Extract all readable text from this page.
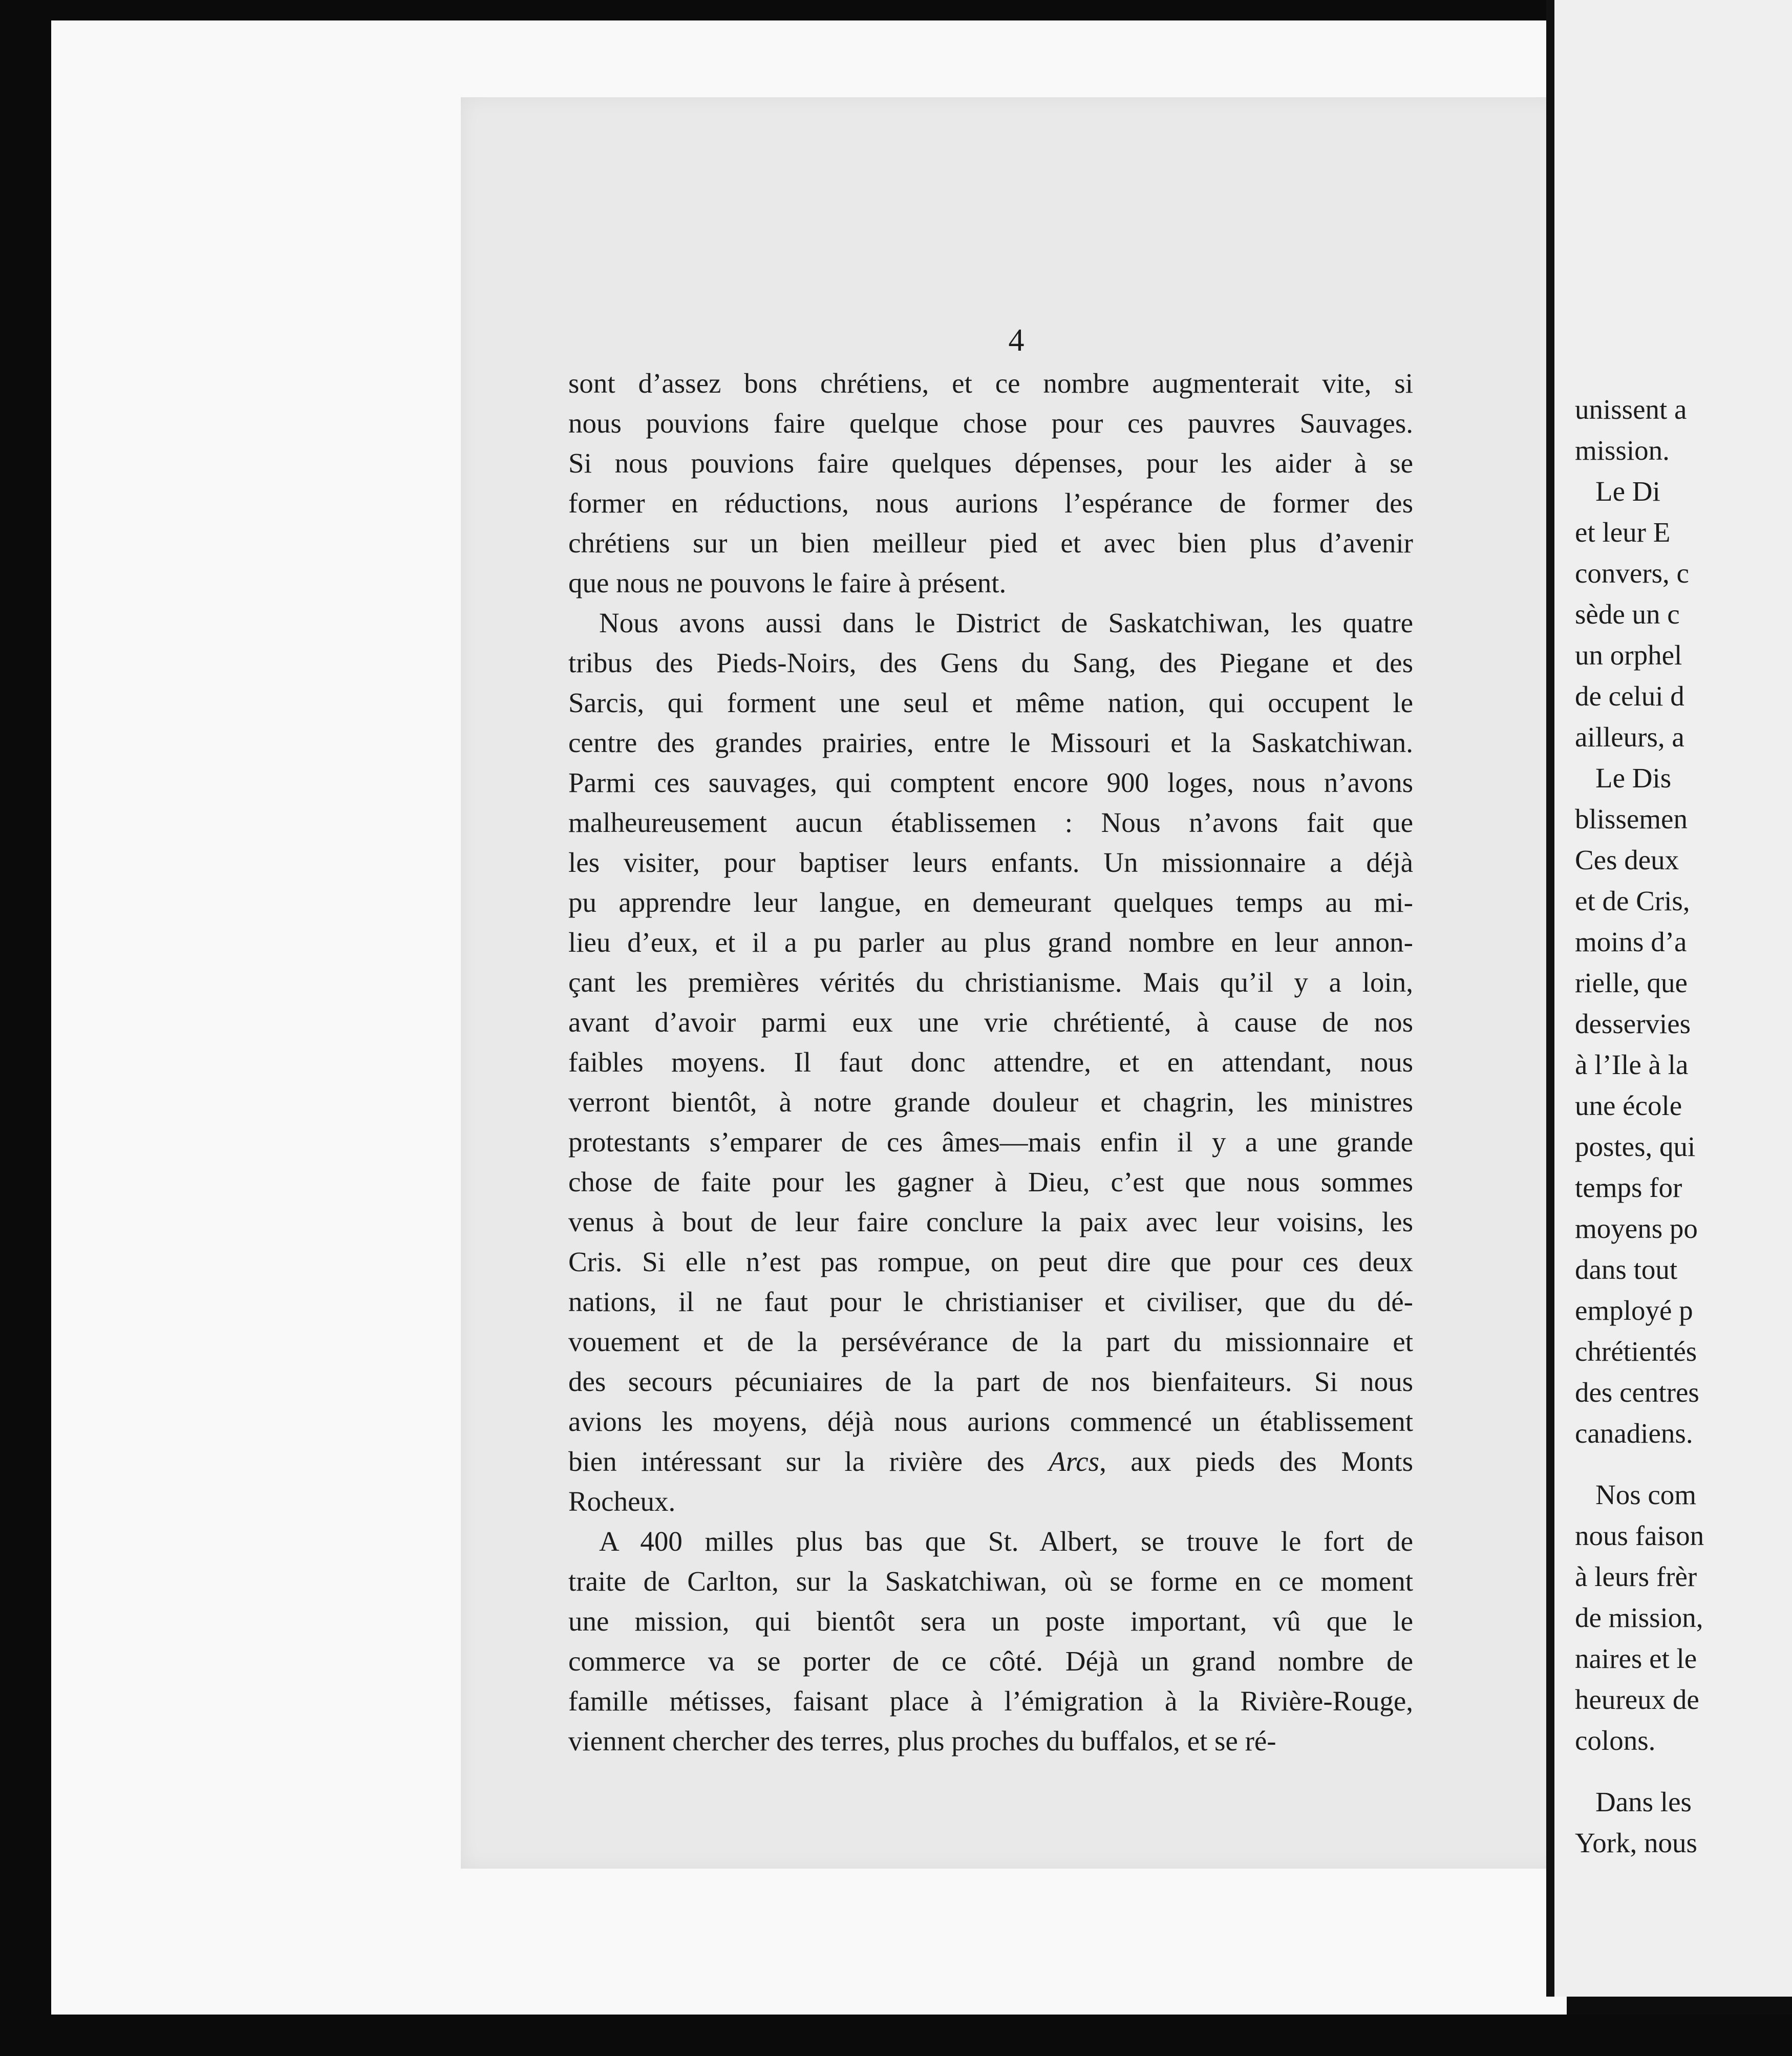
4
sont d’assez bons chrétiens, et ce nombre augmenterait vite, si
nous pouvions faire quelque chose pour ces pauvres Sauvages.
Si nous pouvions faire quelques dépenses, pour les aider à se
former en réductions, nous aurions l’espérance de former des
chrétiens sur un bien meilleur pied et avec bien plus d’avenir
que nous ne pouvons le faire à présent.
Nous avons aussi dans le District de Saskatchiwan, les quatre
tribus des Pieds-Noirs, des Gens du Sang, des Piegane et des
Sarcis, qui forment une seul et même nation, qui occupent le
centre des grandes prairies, entre le Missouri et la Saskatchiwan.
Parmi ces sauvages, qui comptent encore 900 loges, nous n’avons
malheureusement aucun établissemen : Nous n’avons fait que
les visiter, pour baptiser leurs enfants. Un missionnaire a déjà
pu apprendre leur langue, en demeurant quelques temps au mi-
lieu d’eux, et il a pu parler au plus grand nombre en leur annon-
çant les premières vérités du christianisme. Mais qu’il y a loin,
avant d’avoir parmi eux une vrie chrétienté, à cause de nos
faibles moyens. Il faut donc attendre, et en attendant, nous
verront bientôt, à notre grande douleur et chagrin, les ministres
protestants s’emparer de ces âmes—mais enfin il y a une grande
chose de faite pour les gagner à Dieu, c’est que nous sommes
venus à bout de leur faire conclure la paix avec leur voisins, les
Cris. Si elle n’est pas rompue, on peut dire que pour ces deux
nations, il ne faut pour le christianiser et civiliser, que du dé-
vouement et de la persévérance de la part du missionnaire et
des secours pécuniaires de la part de nos bienfaiteurs. Si nous
avions les moyens, déjà nous aurions commencé un établissement
bien intéressant sur la rivière des Arcs, aux pieds des Monts
Rocheux.
A 400 milles plus bas que St. Albert, se trouve le fort de
traite de Carlton, sur la Saskatchiwan, où se forme en ce moment
une mission, qui bientôt sera un poste important, vû que le
commerce va se porter de ce côté. Déjà un grand nombre de
famille métisses, faisant place à l’émigration à la Rivière-Rouge,
viennent chercher des terres, plus proches du buffalos, et se ré-
unissent a
mission.
Le Di
et leur E
convers, c
sède un c
un orphel
de celui d
ailleurs, a
Le Dis
blissemen
Ces deux
et de Cris,
moins d’a
rielle, que
desservies
à l’Ile à la
une école
postes, qui
temps for
moyens po
dans tout
employé p
chrétientés
des centres
canadiens.
Nos com
nous faison
à leurs frèr
de mission,
naires et le
heureux de
colons.
Dans les
York, nous
